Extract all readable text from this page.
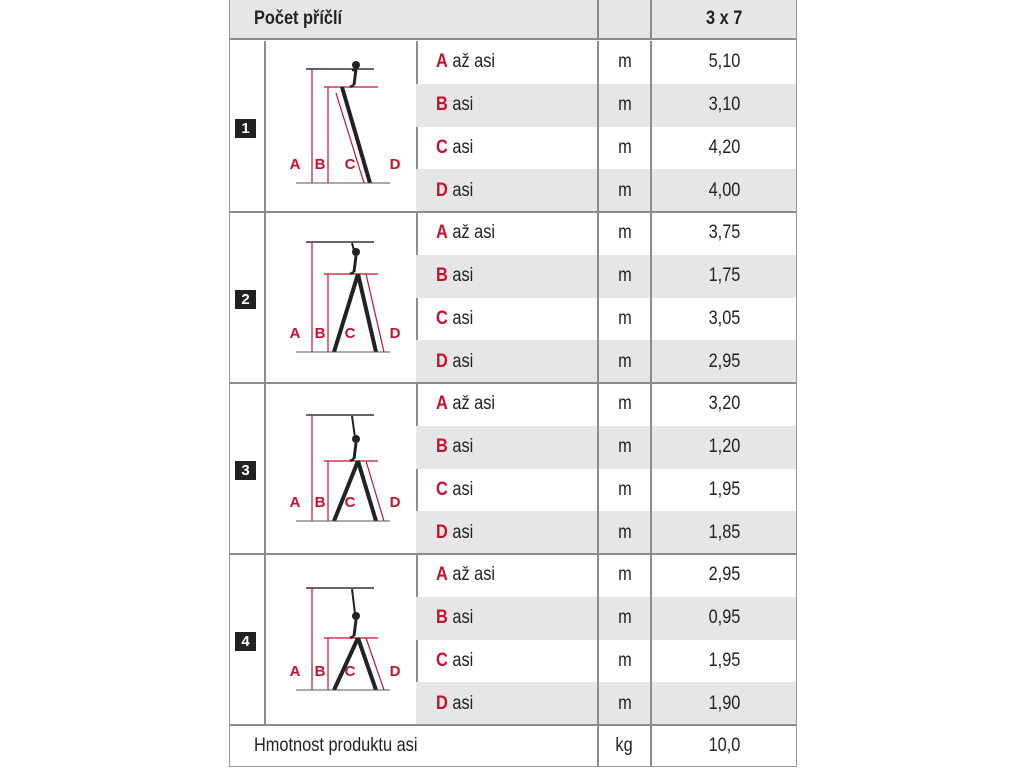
Počet příčlí	3 x 7
1
A B C D
A až asi	m	5,10
B asi	m	3,10
C asi	m	4,20
D asi	m	4,00
2
A B C D
A až asi	m	3,75
B asi	m	1,75
C asi	m	3,05
D asi	m	2,95
3
A B C D
A až asi	m	3,20
B asi	m	1,20
C asi	m	1,95
D asi	m	1,85
4
A B C D
A až asi	m	2,95
B asi	m	0,95
C asi	m	1,95
D asi	m	1,90
Hmotnost produktu asi	kg	10,0
